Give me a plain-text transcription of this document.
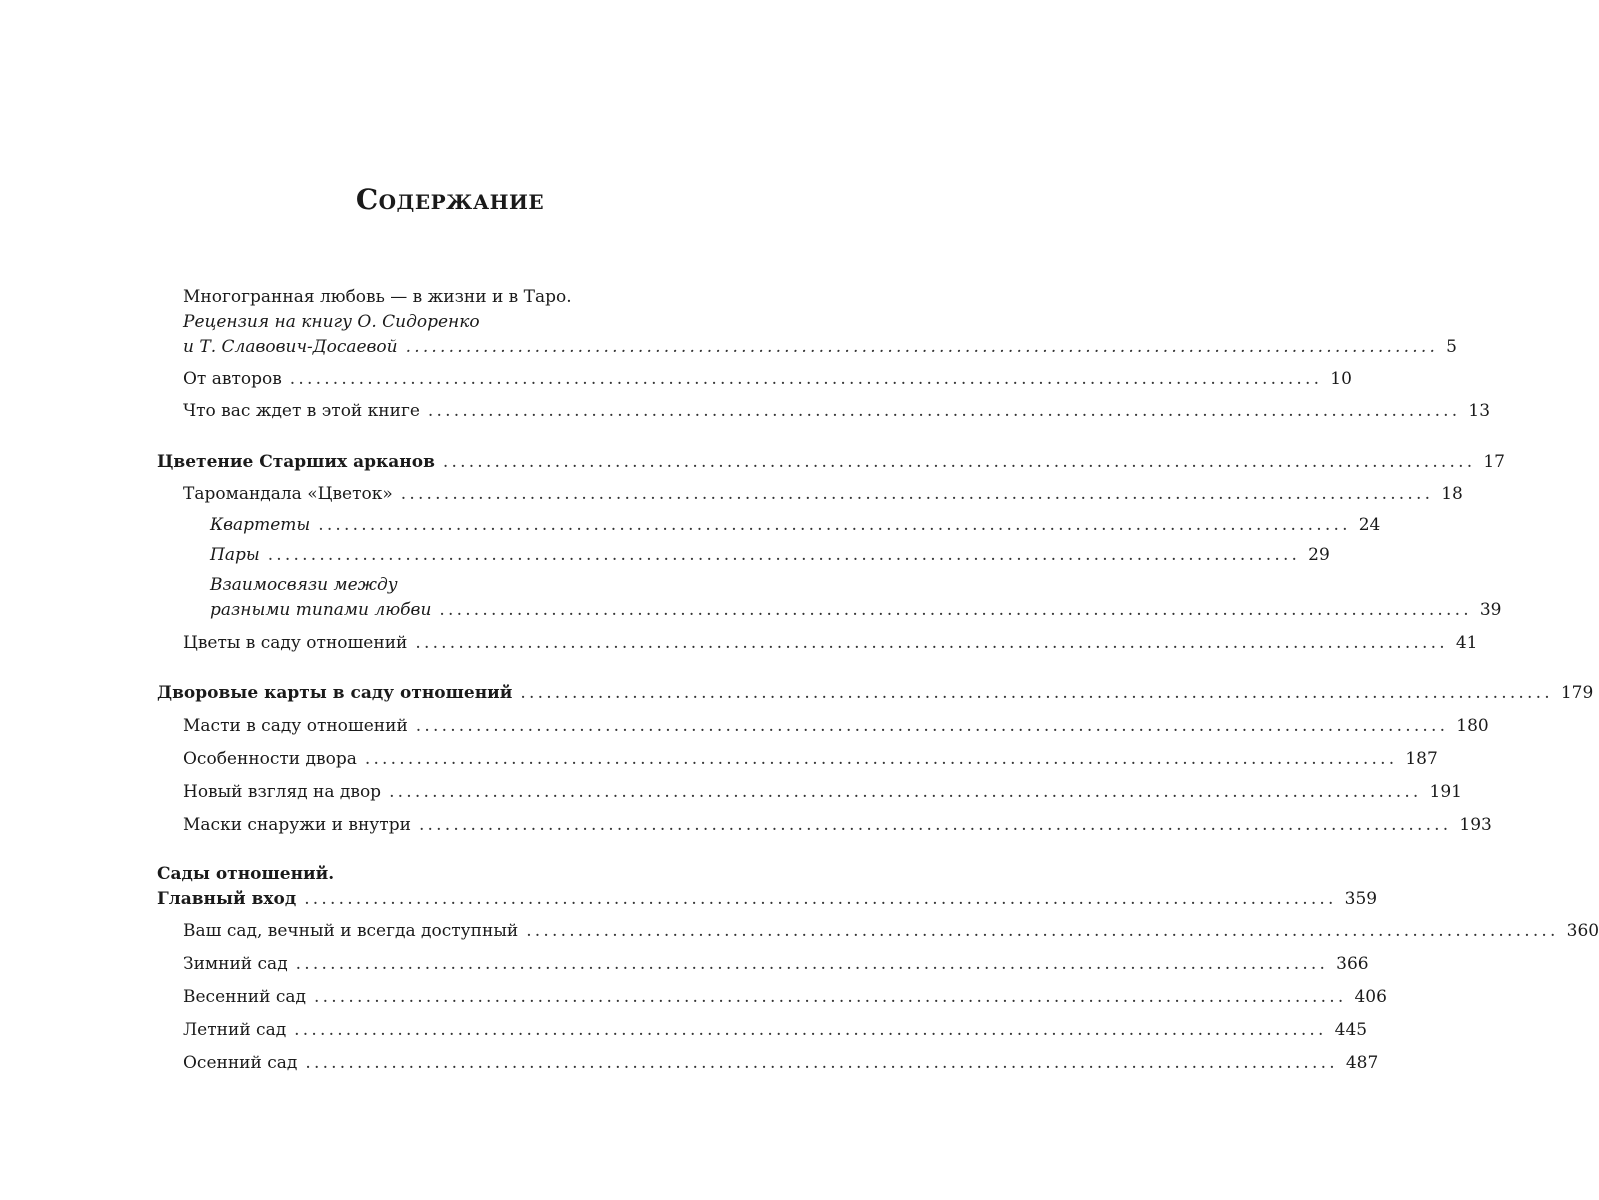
Содержание
Многогранная любовь — в жизни и в Таро.
Рецензия на книгу О. Сидоренко
и Т. Славович-Досаевой ........................................................................................................................ 5
От авторов ........................................................................................................................ 10
Что вас ждет в этой книге ........................................................................................................................ 13
Цветение Старших арканов ........................................................................................................................ 17
Таромандала «Цветок» ........................................................................................................................ 18
Квартеты ........................................................................................................................ 24
Пары ........................................................................................................................ 29
Взаимосвязи между
разными типами любви ........................................................................................................................ 39
Цветы в саду отношений ........................................................................................................................ 41
Дворовые карты в саду отношений ........................................................................................................................ 179
Масти в саду отношений ........................................................................................................................ 180
Особенности двора ........................................................................................................................ 187
Новый взгляд на двор ........................................................................................................................ 191
Маски снаружи и внутри ........................................................................................................................ 193
Сады отношений.
Главный вход ........................................................................................................................ 359
Ваш сад, вечный и всегда доступный ........................................................................................................................ 360
Зимний сад ........................................................................................................................ 366
Весенний сад ........................................................................................................................ 406
Летний сад ........................................................................................................................ 445
Осенний сад ........................................................................................................................ 487
